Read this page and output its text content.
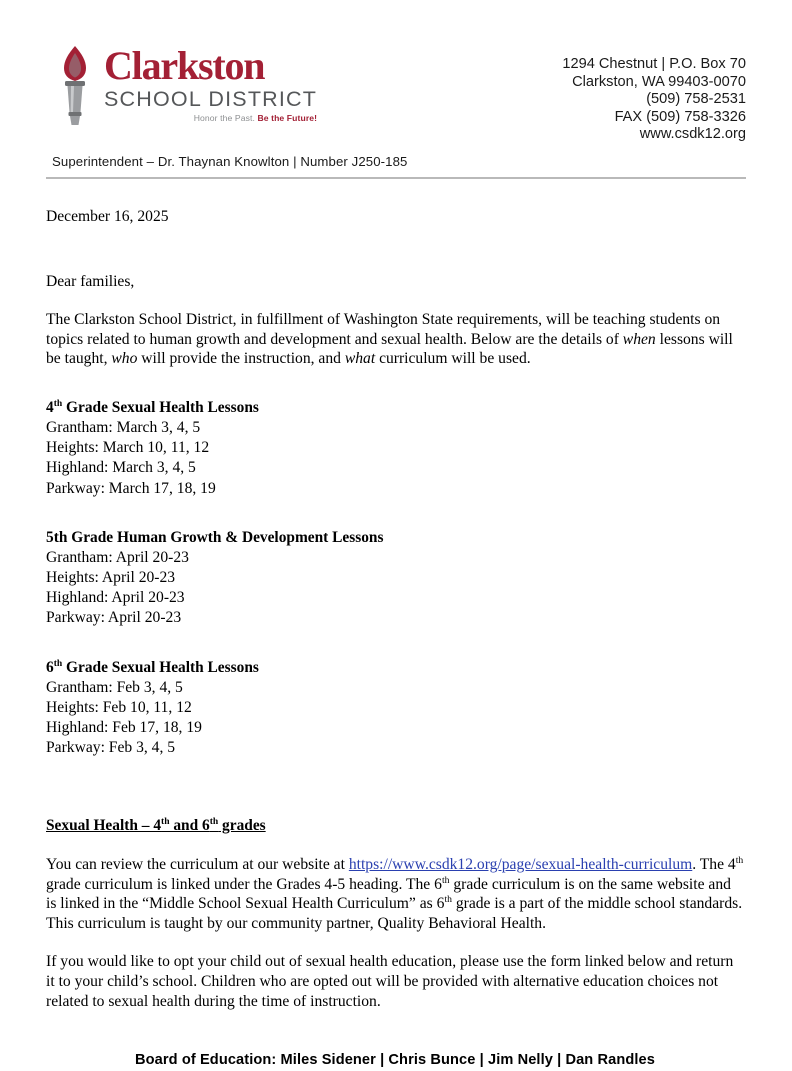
Clarkston
SCHOOL DISTRICT
Honor the Past. Be the Future!
1294 Chestnut | P.O. Box 70
Clarkston, WA 99403-0070
(509) 758-2531
FAX (509) 758-3326
www.csdk12.org
Superintendent – Dr. Thaynan Knowlton | Number J250-185
December 16, 2025
Dear families,

The Clarkston School District, in fulfillment of Washington State requirements, will be teaching students on topics related to human growth and development and sexual health. Below are the details of when lessons will be taught, who will provide the instruction, and what curriculum will be used.

4th Grade Sexual Health Lessons
Grantham: March 3, 4, 5
Heights: March 10, 11, 12
Highland: March 3, 4, 5
Parkway: March 17, 18, 19
5th Grade Human Growth & Development Lessons
Grantham: April 20-23
Heights: April 20-23
Highland: April 20-23
Parkway: April 20-23
6th Grade Sexual Health Lessons
Grantham: Feb 3, 4, 5
Heights: Feb 10, 11, 12
Highland: Feb 17, 18, 19
Parkway: Feb 3, 4, 5
Sexual Health – 4th and 6th grades

You can review the curriculum at our website at https://www.csdk12.org/page/sexual-health-curriculum. The 4th grade curriculum is linked under the Grades 4-5 heading. The 6th grade curriculum is on the same website and is linked in the “Middle School Sexual Health Curriculum” as 6th grade is a part of the middle school standards. This curriculum is taught by our community partner, Quality Behavioral Health.

If you would like to opt your child out of sexual health education, please use the form linked below and return it to your child’s school. Children who are opted out will be provided with alternative education choices not related to sexual health during the time of instruction.

Board of Education: Miles Sidener | Chris Bunce | Jim Nelly | Dan Randles
